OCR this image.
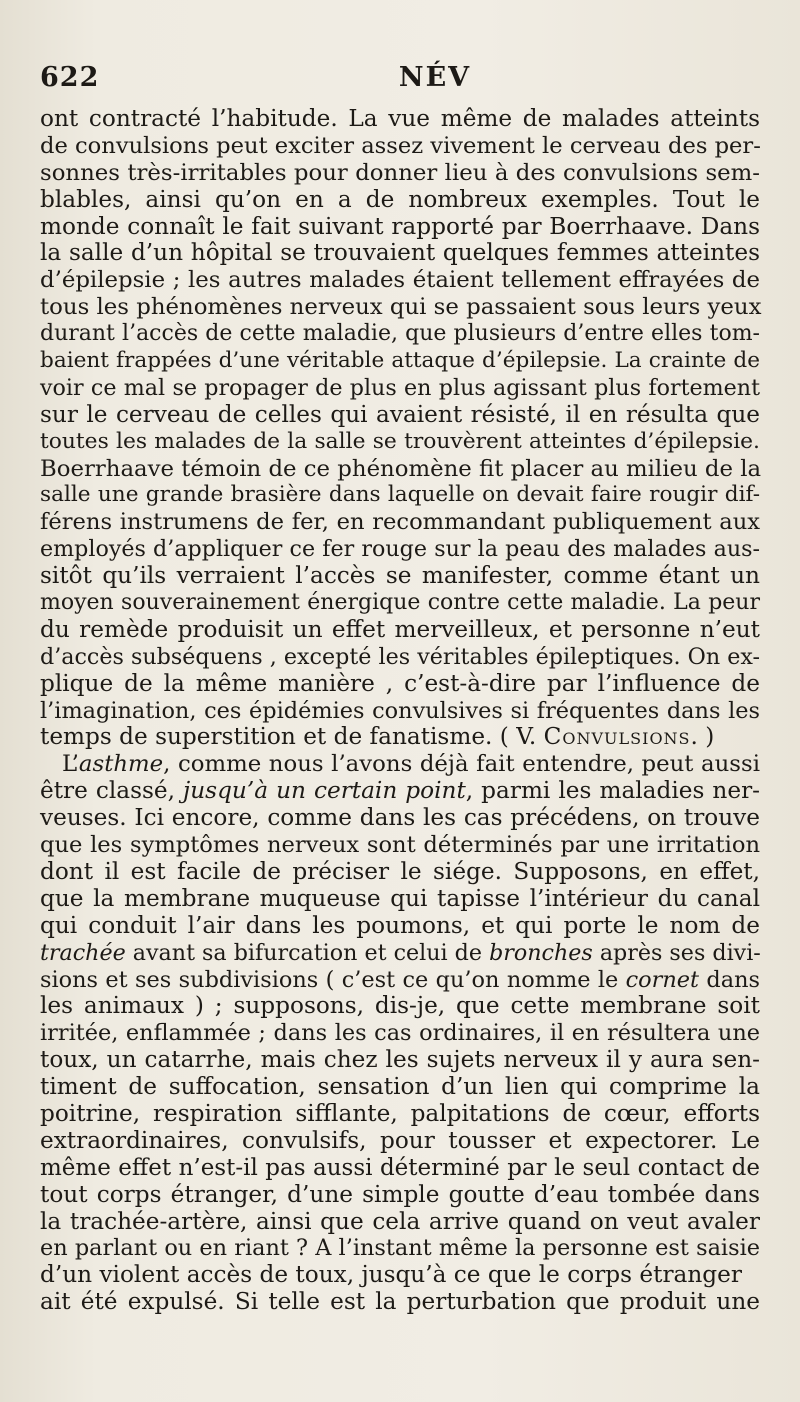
622	NÉV
ont contracté l’habitude. La vue même de malades atteints
de convulsions peut exciter assez vivement le cerveau des per-
sonnes très-irritables pour donner lieu à des convulsions sem-
blables, ainsi qu’on en a de nombreux exemples. Tout le
monde connaît le fait suivant rapporté par Boerrhaave. Dans
la salle d’un hôpital se trouvaient quelques femmes atteintes
d’épilepsie ; les autres malades étaient tellement effrayées de
tous les phénomènes nerveux qui se passaient sous leurs yeux
durant l’accès de cette maladie, que plusieurs d’entre elles tom-
baient frappées d’une véritable attaque d’épilepsie. La crainte de
voir ce mal se propager de plus en plus agissant plus fortement
sur le cerveau de celles qui avaient résisté, il en résulta que
toutes les malades de la salle se trouvèrent atteintes d’épilepsie.
Boerrhaave témoin de ce phénomène fit placer au milieu de la
salle une grande brasière dans laquelle on devait faire rougir dif-
férens instrumens de fer, en recommandant publiquement aux
employés d’appliquer ce fer rouge sur la peau des malades aus-
sitôt qu’ils verraient l’accès se manifester, comme étant un
moyen souverainement énergique contre cette maladie. La peur
du remède produisit un effet merveilleux, et personne n’eut
d’accès subséquens , excepté les véritables épileptiques. On ex-
plique de la même manière , c’est-à-dire par l’influence de
l’imagination, ces épidémies convulsives si fréquentes dans les
temps de superstition et de fanatisme. ( V. Convulsions. )
L’asthme, comme nous l’avons déjà fait entendre, peut aussi
être classé, jusqu’à un certain point, parmi les maladies ner-
veuses. Ici encore, comme dans les cas précédens, on trouve
que les symptômes nerveux sont déterminés par une irritation
dont il est facile de préciser le siége. Supposons, en effet,
que la membrane muqueuse qui tapisse l’intérieur du canal
qui conduit l’air dans les poumons, et qui porte le nom de
trachée avant sa bifurcation et celui de bronches après ses divi-
sions et ses subdivisions ( c’est ce qu’on nomme le cornet dans
les animaux ) ; supposons, dis-je, que cette membrane soit
irritée, enflammée ; dans les cas ordinaires, il en résultera une
toux, un catarrhe, mais chez les sujets nerveux il y aura sen-
timent de suffocation, sensation d’un lien qui comprime la
poitrine, respiration sifflante, palpitations de cœur, efforts
extraordinaires, convulsifs, pour tousser et expectorer. Le
même effet n’est-il pas aussi déterminé par le seul contact de
tout corps étranger, d’une simple goutte d’eau tombée dans
la trachée-artère, ainsi que cela arrive quand on veut avaler
en parlant ou en riant ? A l’instant même la personne est saisie
d’un violent accès de toux, jusqu’à ce que le corps étranger
ait été expulsé. Si telle est la perturbation que produit une
